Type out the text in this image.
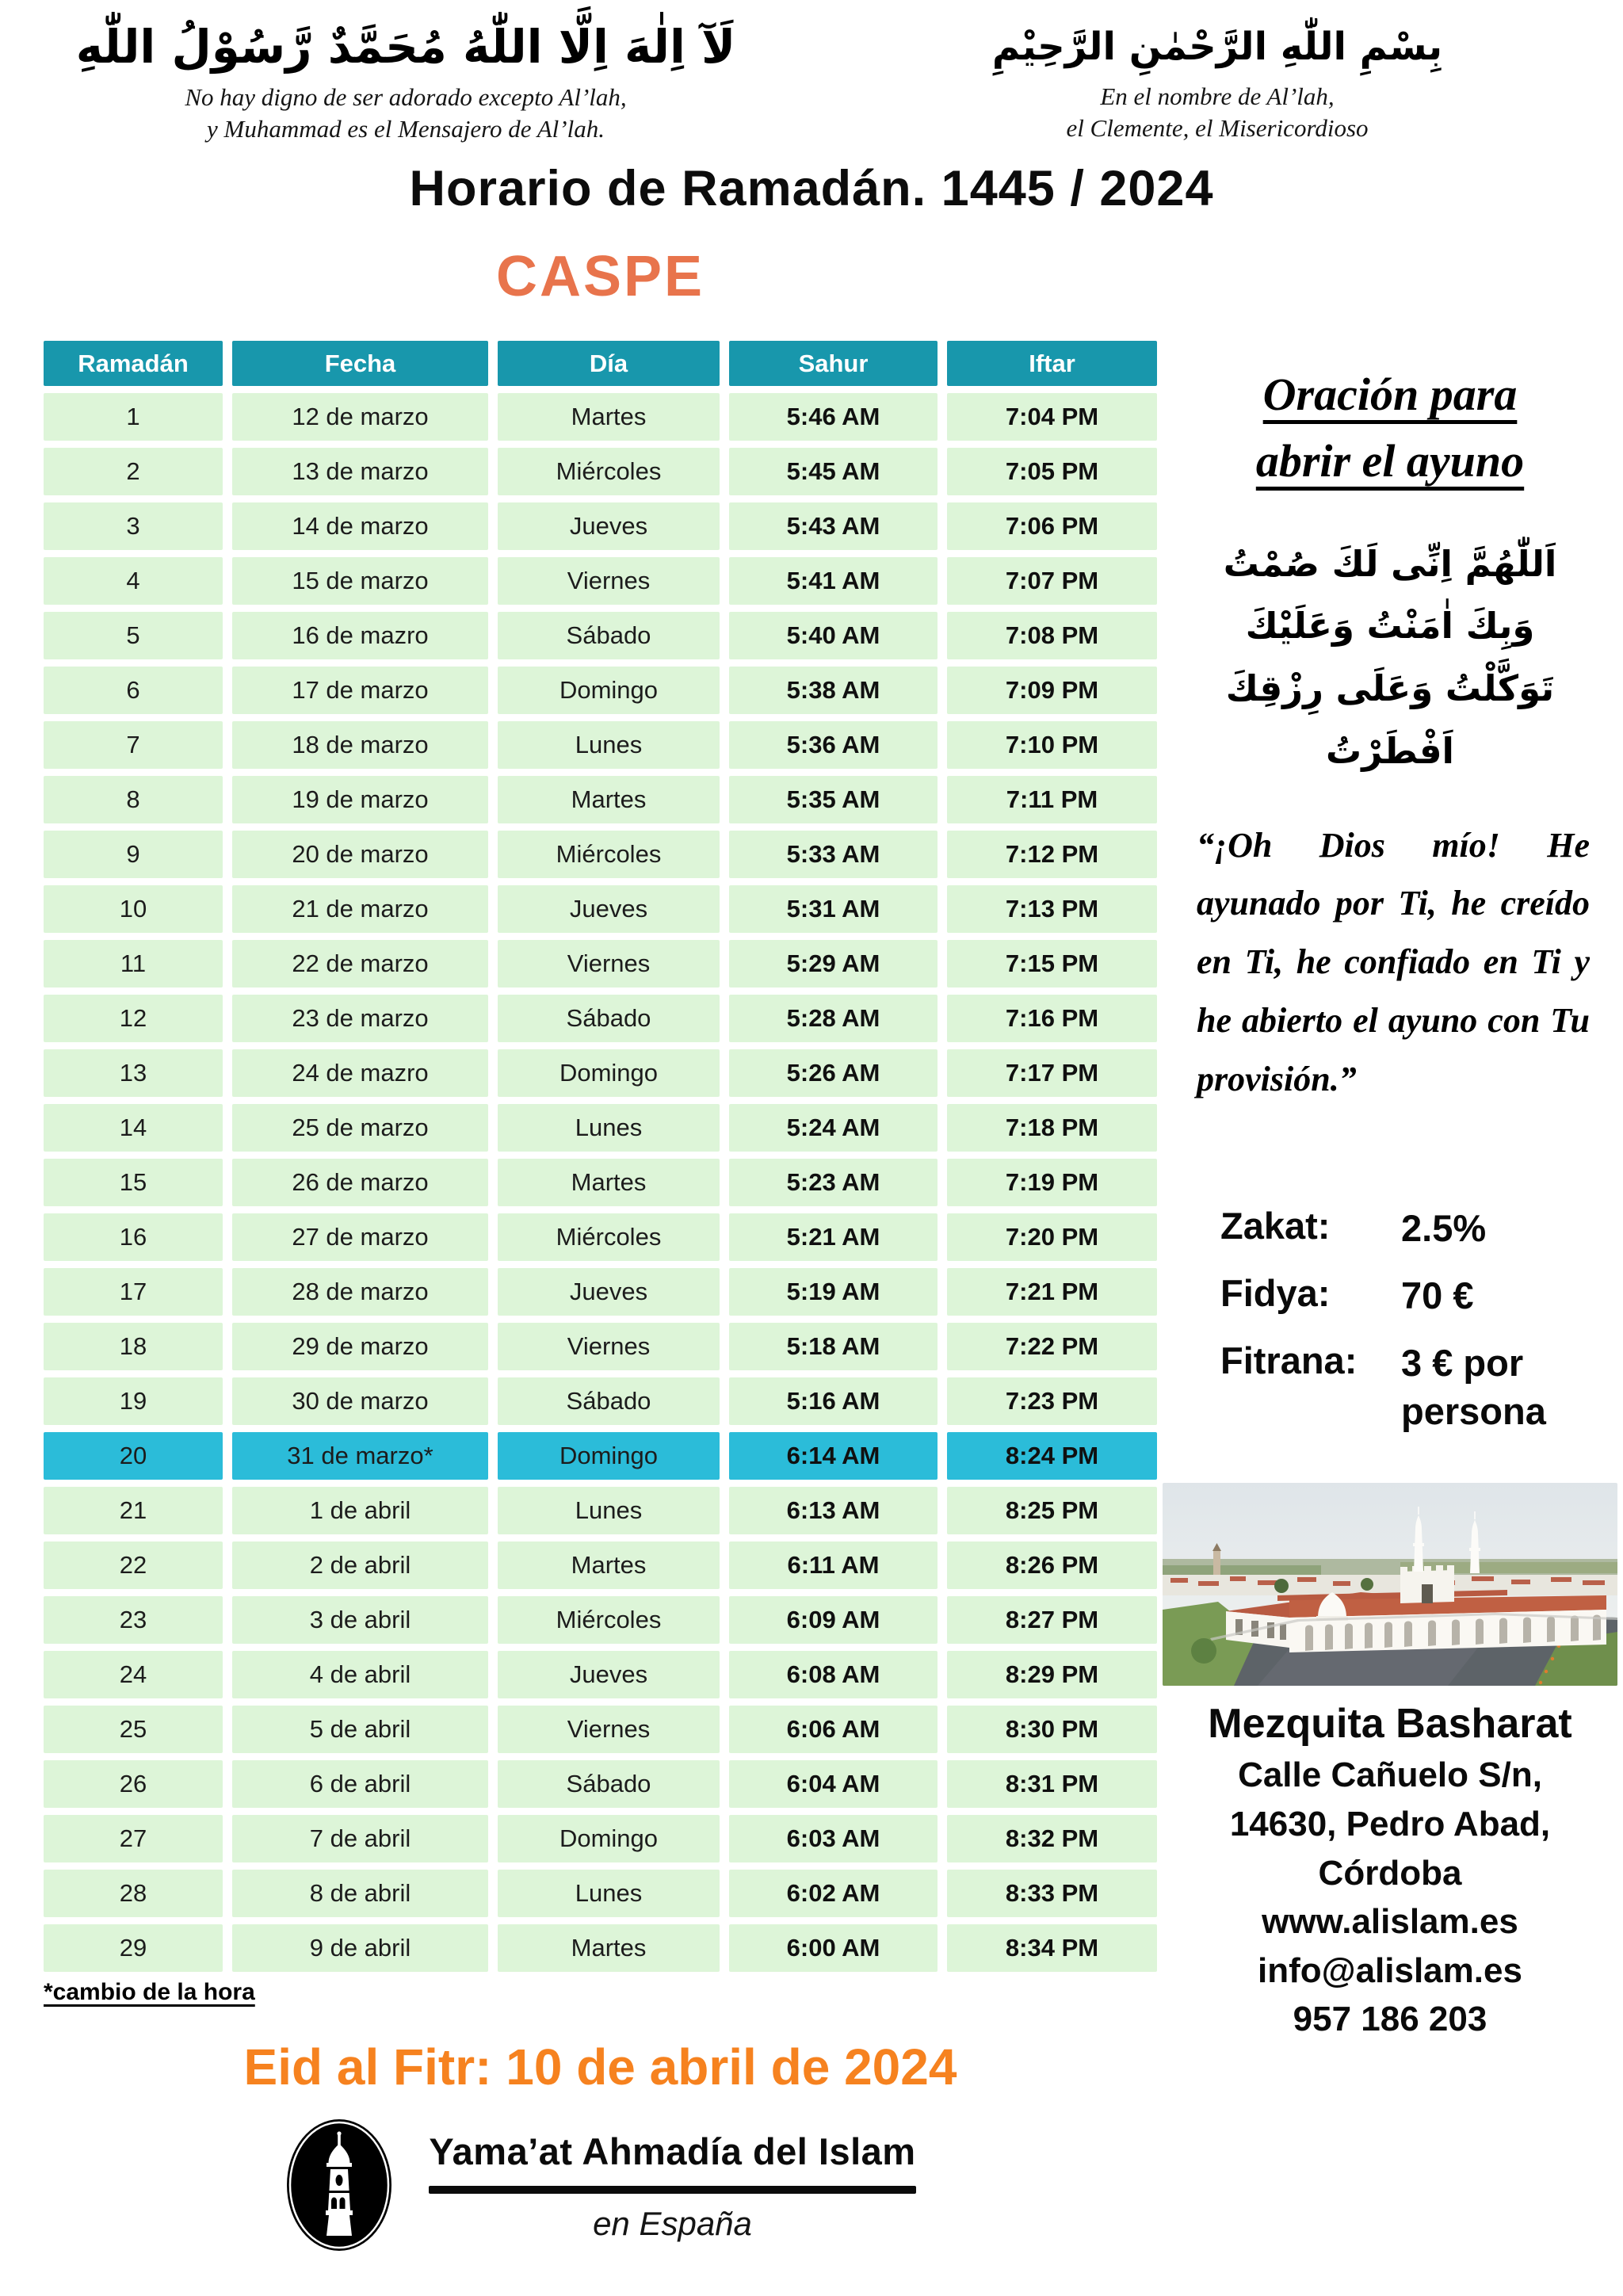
لَآ اِلٰهَ اِلَّا اللّٰهُ مُحَمَّدٌ رَّسُوْلُ اللّٰهِ
No hay digno de ser adorado excepto Al’lah,
y Muhammad es el Mensajero de Al’lah.
بِسْمِ اللّٰهِ الرَّحْمٰنِ الرَّحِيْمِ
En el nombre de Al’lah,
el Clemente, el Misericordioso
Horario de Ramadán. 1445 / 2024
CASPE
Ramadán	Fecha	Día	Sahur	Iftar
1	12 de marzo	Martes	5:46 AM	7:04 PM
2	13 de marzo	Miércoles	5:45 AM	7:05 PM
3	14 de marzo	Jueves	5:43 AM	7:06 PM
4	15 de marzo	Viernes	5:41 AM	7:07 PM
5	16 de mazro	Sábado	5:40 AM	7:08 PM
6	17 de marzo	Domingo	5:38 AM	7:09 PM
7	18 de marzo	Lunes	5:36 AM	7:10 PM
8	19 de marzo	Martes	5:35 AM	7:11 PM
9	20 de marzo	Miércoles	5:33 AM	7:12 PM
10	21 de marzo	Jueves	5:31 AM	7:13 PM
11	22 de marzo	Viernes	5:29 AM	7:15 PM
12	23 de marzo	Sábado	5:28 AM	7:16 PM
13	24 de mazro	Domingo	5:26 AM	7:17 PM
14	25 de marzo	Lunes	5:24 AM	7:18 PM
15	26 de marzo	Martes	5:23 AM	7:19 PM
16	27 de marzo	Miércoles	5:21 AM	7:20 PM
17	28 de marzo	Jueves	5:19 AM	7:21 PM
18	29 de marzo	Viernes	5:18 AM	7:22 PM
19	30 de marzo	Sábado	5:16 AM	7:23 PM
20	31 de marzo*	Domingo	6:14 AM	8:24 PM
21	1 de abril	Lunes	6:13 AM	8:25 PM
22	2 de abril	Martes	6:11 AM	8:26 PM
23	3 de abril	Miércoles	6:09 AM	8:27 PM
24	4 de abril	Jueves	6:08 AM	8:29 PM
25	5 de abril	Viernes	6:06 AM	8:30 PM
26	6 de abril	Sábado	6:04 AM	8:31 PM
27	7 de abril	Domingo	6:03 AM	8:32 PM
28	8 de abril	Lunes	6:02 AM	8:33 PM
29	9 de abril	Martes	6:00 AM	8:34 PM
*cambio de la hora
Eid al Fitr: 10 de abril de 2024
Yama’at Ahmadía del Islam
en España
Oración para
abrir el ayuno
اَللّٰهُمَّ اِنِّى لَكَ صُمْتُ
وَبِكَ اٰمَنْتُ وَعَلَيْكَ
تَوَكَّلْتُ وَعَلَى رِزْقِكَ
اَفْطَرْتُ
“¡Oh Dios mío! He ayunado por Ti, he creído en Ti, he confiado en Ti y he abierto el ayuno con Tu provisión.”
Zakat:	2.5%
Fidya:	70 €
Fitrana:	3 € por persona
Mezquita Basharat
Calle Cañuelo S/n,
14630, Pedro Abad,
Córdoba
www.alislam.es
info@alislam.es
957 186 203
